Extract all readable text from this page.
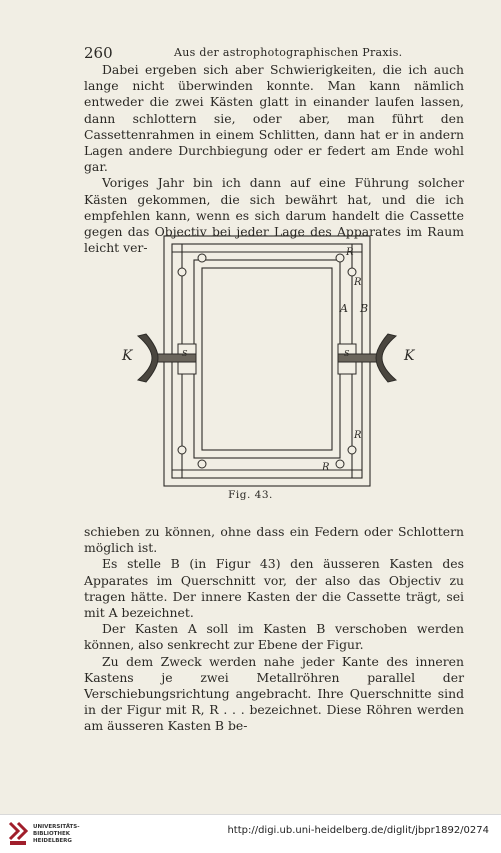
260	Aus der astrophotographischen Praxis.

Dabei ergeben sich aber Schwierigkeiten, die ich auch lange nicht überwinden konnte. Man kann nämlich entweder die zwei Kästen glatt in einander laufen lassen, dann schlottern sie, oder aber, man führt den Cassettenrahmen in einem Schlitten, dann hat er in andern Lagen andere Durchbiegung oder er federt am Ende wohl gar.

Voriges Jahr bin ich dann auf eine Führung solcher Kästen gekommen, die sich bewährt hat, und die ich empfehlen kann, wenn es sich darum handelt die Cassette gegen das Objectiv bei jeder Lage des Apparates im Raum leicht ver-	R
R
A B
R
R
S	S
K	K
Fig. 43.

schieben zu können, ohne dass ein Federn oder Schlottern möglich ist.

Es stelle B (in Figur 43) den äusseren Kasten des Apparates im Querschnitt vor, der also das Objectiv zu tragen hätte. Der innere Kasten der die Cassette trägt, sei mit A bezeichnet.

Der Kasten A soll im Kasten B verschoben werden können, also senkrecht zur Ebene der Figur.

Zu dem Zweck werden nahe jeder Kante des inneren Kastens je zwei Metallröhren parallel der Verschiebungsrichtung angebracht. Ihre Querschnitte sind in der Figur mit R, R . . . bezeichnet. Diese Röhren werden am äusseren Kasten B be-

UNIVERSITÄTS-
BIBLIOTHEK
HEIDELBERG
http://digi.ub.uni-heidelberg.de/diglit/jbpr1892/0274
